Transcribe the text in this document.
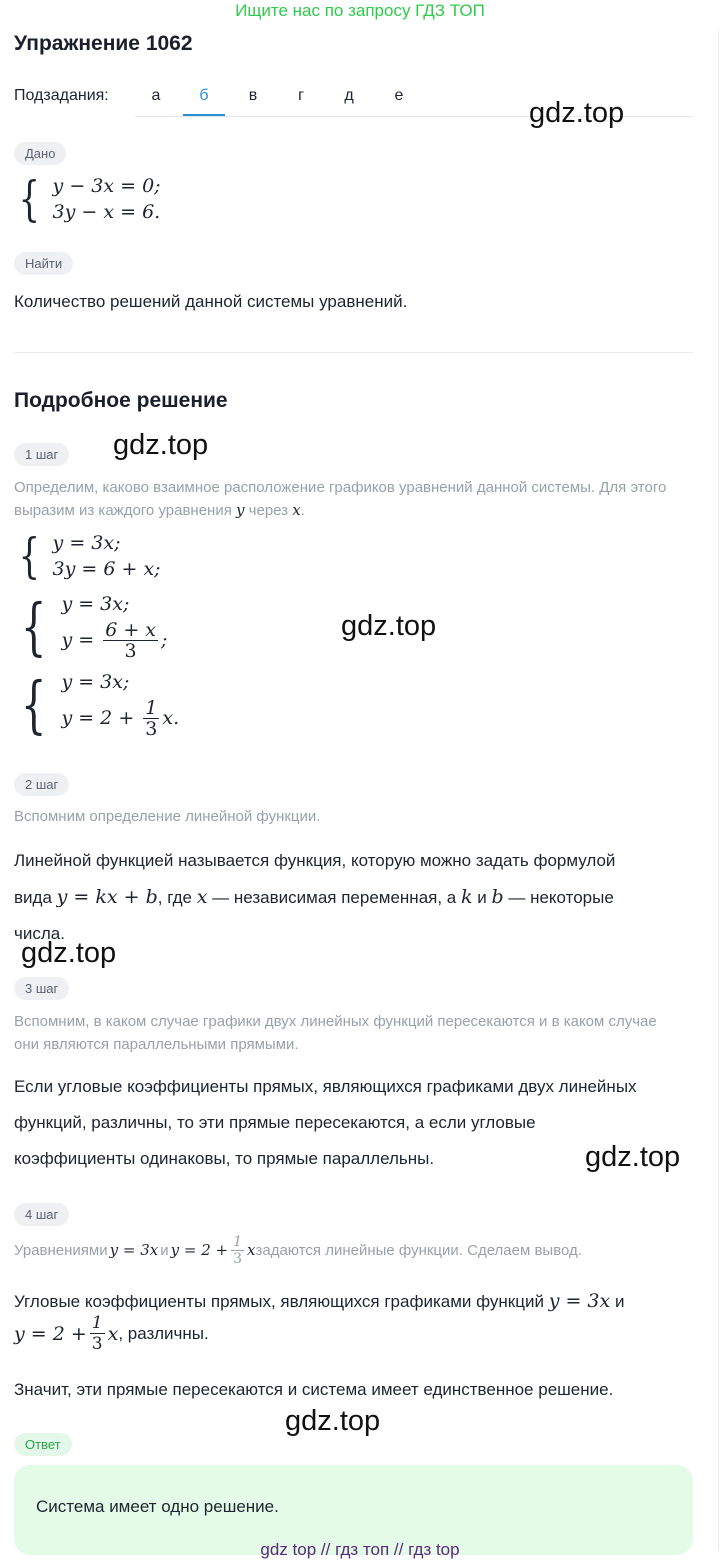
Ищите нас по запросу ГДЗ ТОП
Упражнение 1062
Подзадания:	а	б	в	г	д	е
gdz.top
Дано
{ y − 3x = 0;
3y − x = 6.
Найти
Количество решений данной системы уравнений.
Подробное решение
1 шаг	gdz.top
Определим, каково взаимное расположение графиков уравнений данной системы. Для этого выразим из каждого уравнения y через x.
{ y = 3x;
3y = 6 + x;
{ y = 3x;
$y = \frac{6 + x}{3}$ ;	gdz.top
{ y = 3x;
$y = 2 + \frac{1}{3} x$.
2 шаг
Вспомним определение линейной функции.
Линейной функцией называется функция, которую можно задать формулой
вида y = kx + b, где x — независимая переменная, а k и b — некоторые
числа.
gdz.top
3 шаг
Вспомним, в каком случае графики двух линейных функций пересекаются и в каком случае они являются параллельными прямыми.
Если угловые коэффициенты прямых, являющихся графиками двух линейных
функций, различны, то эти прямые пересекаются, а если угловые
коэффициенты одинаковы, то прямые параллельны.	gdz.top
4 шаг
Уравнениями y = 3x и $y = 2 + \frac{1}{3}$ x задаются линейные функции. Сделаем вывод.
Угловые коэффициенты прямых, являющихся графиками функций y = 3x и
$y = 2 + \frac{1}{3}$ x , различны.
Значит, эти прямые пересекаются и система имеет единственное решение.
gdz.top
Ответ
Система имеет одно решение.
gdz top // гдз топ // гдз top
